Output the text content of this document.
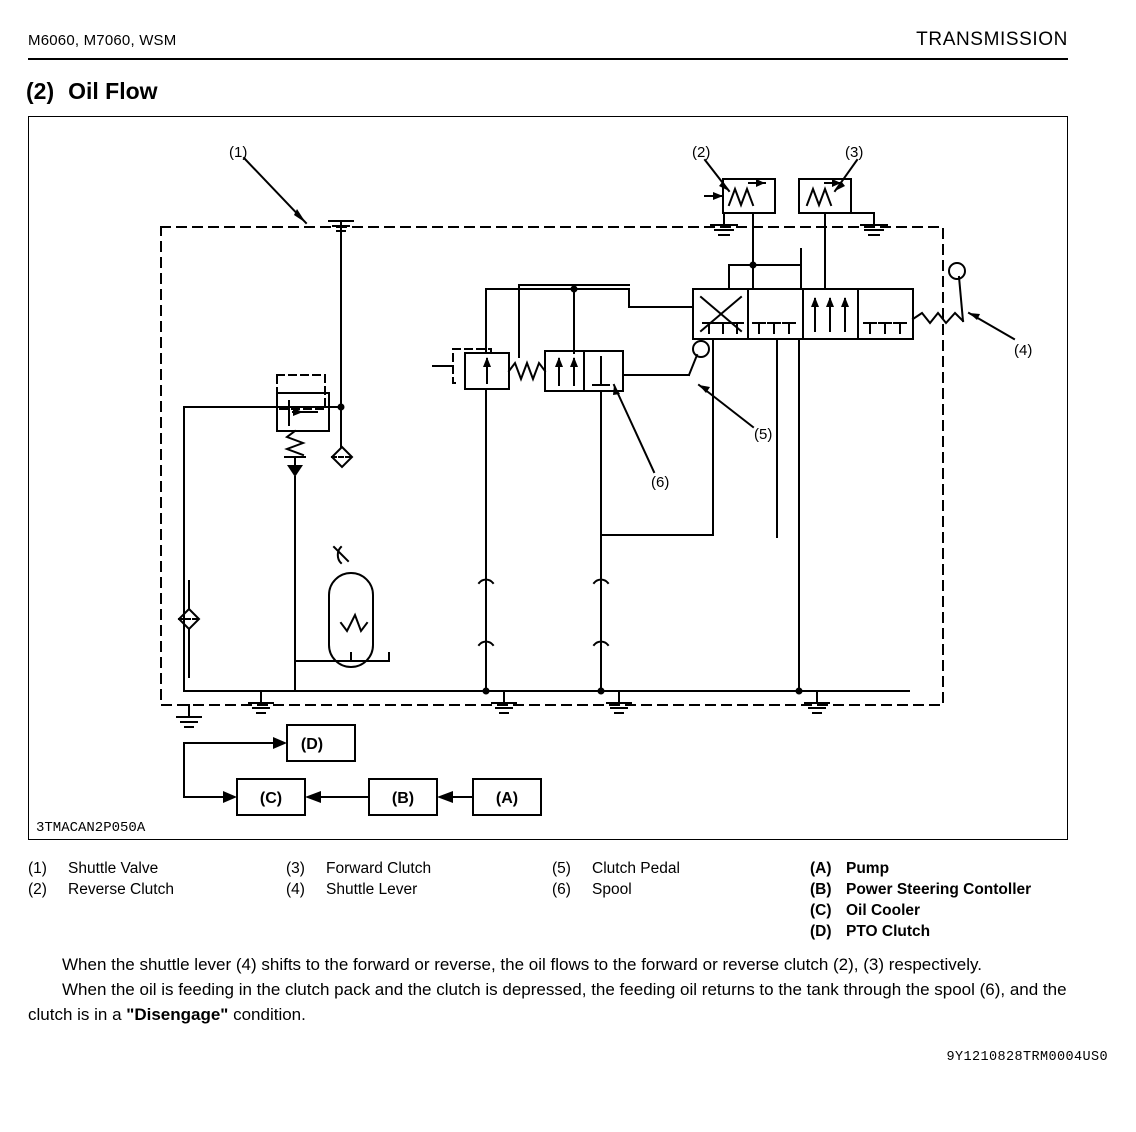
M6060, M7060, WSM	TRANSMISSION
(2) Oil Flow
(1)	(2)	(3)
(4)
(5)
(6)
(D)
(C)	(B)	(A)
3TMACAN2P050A
(1) Shuttle Valve
(2) Reverse Clutch
(3) Forward Clutch
(4) Shuttle Lever
(5) Clutch Pedal
(6) Spool
(A) Pump
(B) Power Steering Contoller
(C) Oil Cooler
(D) PTO Clutch

When the shuttle lever (4) shifts to the forward or reverse, the oil flows to the forward or reverse clutch (2), (3) respectively.

When the oil is feeding in the clutch pack and the clutch is depressed, the feeding oil returns to the tank through the spool (6), and the clutch is in a "Disengage" condition.

9Y1210828TRM0004US0
